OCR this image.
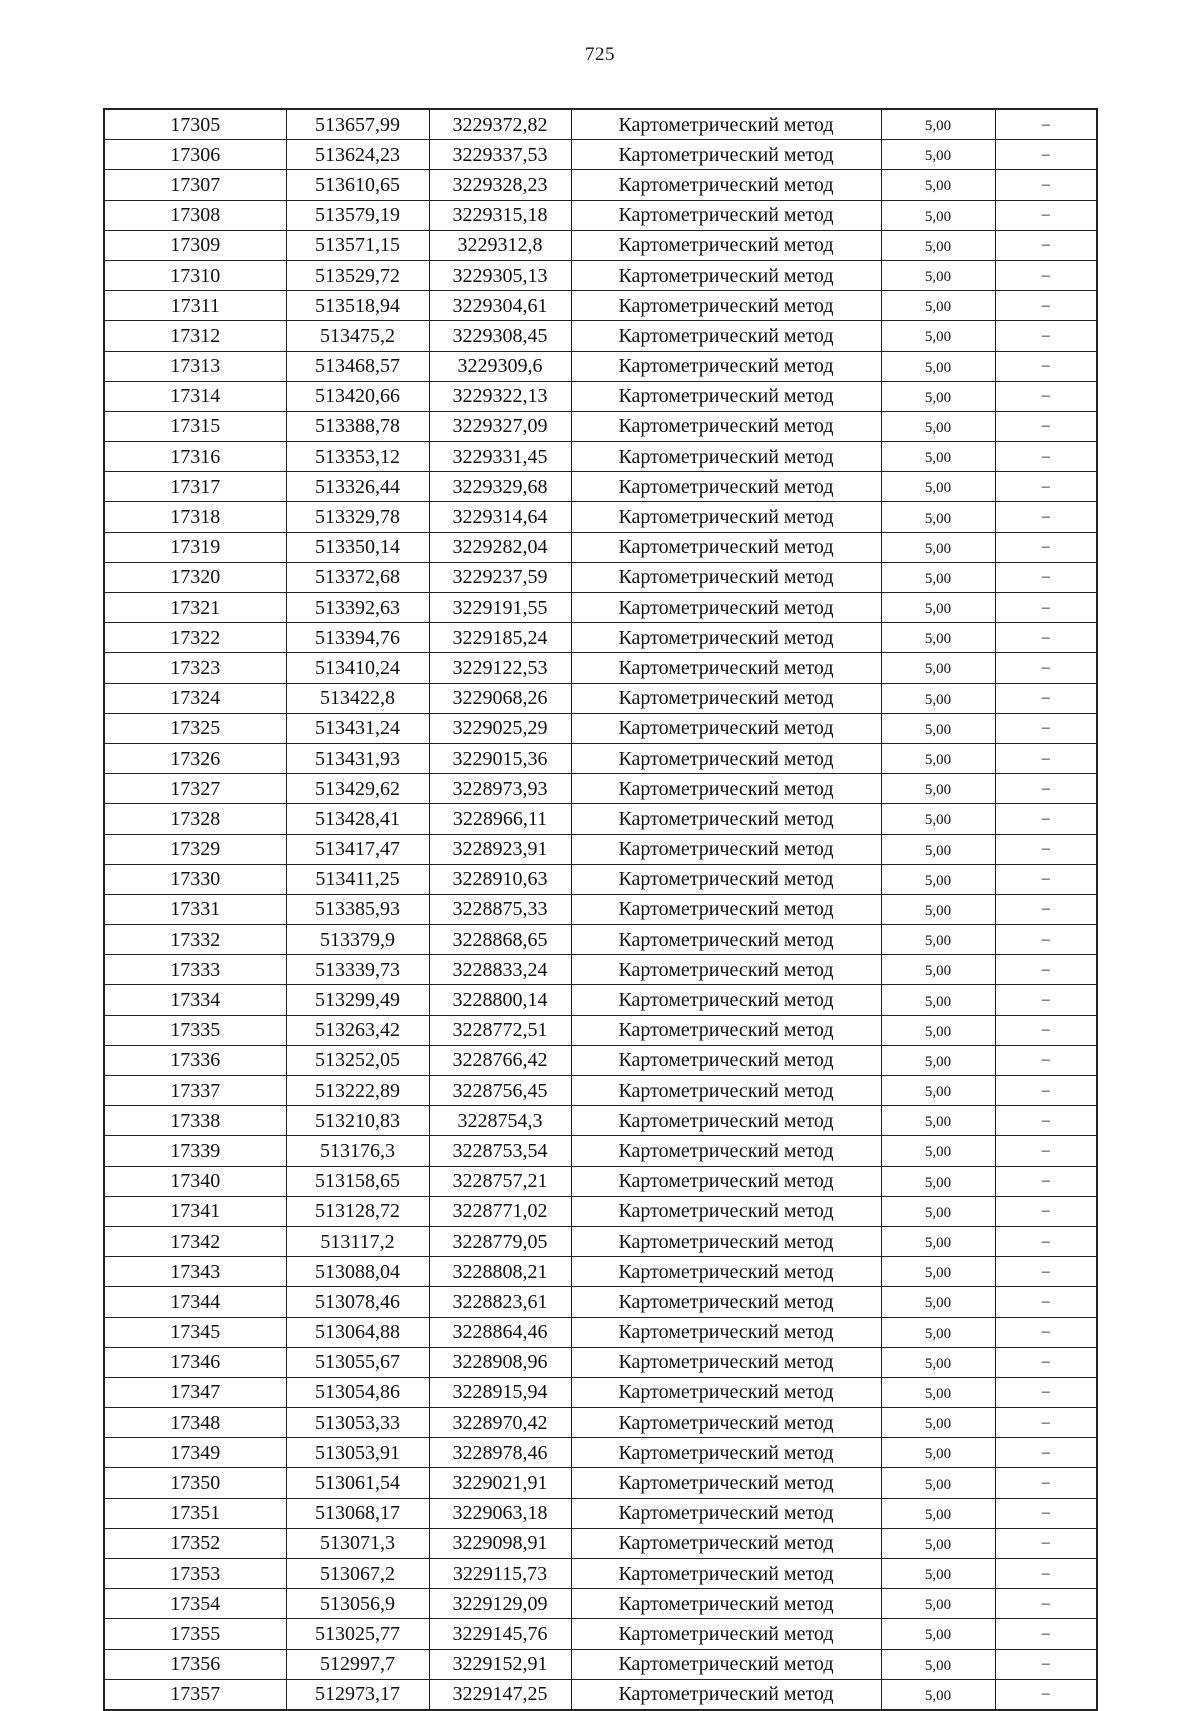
725
17305	513657,99	3229372,82	Картометрический метод	5,00	–
17306	513624,23	3229337,53	Картометрический метод	5,00	–
17307	513610,65	3229328,23	Картометрический метод	5,00	–
17308	513579,19	3229315,18	Картометрический метод	5,00	–
17309	513571,15	3229312,8	Картометрический метод	5,00	–
17310	513529,72	3229305,13	Картометрический метод	5,00	–
17311	513518,94	3229304,61	Картометрический метод	5,00	–
17312	513475,2	3229308,45	Картометрический метод	5,00	–
17313	513468,57	3229309,6	Картометрический метод	5,00	–
17314	513420,66	3229322,13	Картометрический метод	5,00	–
17315	513388,78	3229327,09	Картометрический метод	5,00	–
17316	513353,12	3229331,45	Картометрический метод	5,00	–
17317	513326,44	3229329,68	Картометрический метод	5,00	–
17318	513329,78	3229314,64	Картометрический метод	5,00	–
17319	513350,14	3229282,04	Картометрический метод	5,00	–
17320	513372,68	3229237,59	Картометрический метод	5,00	–
17321	513392,63	3229191,55	Картометрический метод	5,00	–
17322	513394,76	3229185,24	Картометрический метод	5,00	–
17323	513410,24	3229122,53	Картометрический метод	5,00	–
17324	513422,8	3229068,26	Картометрический метод	5,00	–
17325	513431,24	3229025,29	Картометрический метод	5,00	–
17326	513431,93	3229015,36	Картометрический метод	5,00	–
17327	513429,62	3228973,93	Картометрический метод	5,00	–
17328	513428,41	3228966,11	Картометрический метод	5,00	–
17329	513417,47	3228923,91	Картометрический метод	5,00	–
17330	513411,25	3228910,63	Картометрический метод	5,00	–
17331	513385,93	3228875,33	Картометрический метод	5,00	–
17332	513379,9	3228868,65	Картометрический метод	5,00	–
17333	513339,73	3228833,24	Картометрический метод	5,00	–
17334	513299,49	3228800,14	Картометрический метод	5,00	–
17335	513263,42	3228772,51	Картометрический метод	5,00	–
17336	513252,05	3228766,42	Картометрический метод	5,00	–
17337	513222,89	3228756,45	Картометрический метод	5,00	–
17338	513210,83	3228754,3	Картометрический метод	5,00	–
17339	513176,3	3228753,54	Картометрический метод	5,00	–
17340	513158,65	3228757,21	Картометрический метод	5,00	–
17341	513128,72	3228771,02	Картометрический метод	5,00	–
17342	513117,2	3228779,05	Картометрический метод	5,00	–
17343	513088,04	3228808,21	Картометрический метод	5,00	–
17344	513078,46	3228823,61	Картометрический метод	5,00	–
17345	513064,88	3228864,46	Картометрический метод	5,00	–
17346	513055,67	3228908,96	Картометрический метод	5,00	–
17347	513054,86	3228915,94	Картометрический метод	5,00	–
17348	513053,33	3228970,42	Картометрический метод	5,00	–
17349	513053,91	3228978,46	Картометрический метод	5,00	–
17350	513061,54	3229021,91	Картометрический метод	5,00	–
17351	513068,17	3229063,18	Картометрический метод	5,00	–
17352	513071,3	3229098,91	Картометрический метод	5,00	–
17353	513067,2	3229115,73	Картометрический метод	5,00	–
17354	513056,9	3229129,09	Картометрический метод	5,00	–
17355	513025,77	3229145,76	Картометрический метод	5,00	–
17356	512997,7	3229152,91	Картометрический метод	5,00	–
17357	512973,17	3229147,25	Картометрический метод	5,00	–
